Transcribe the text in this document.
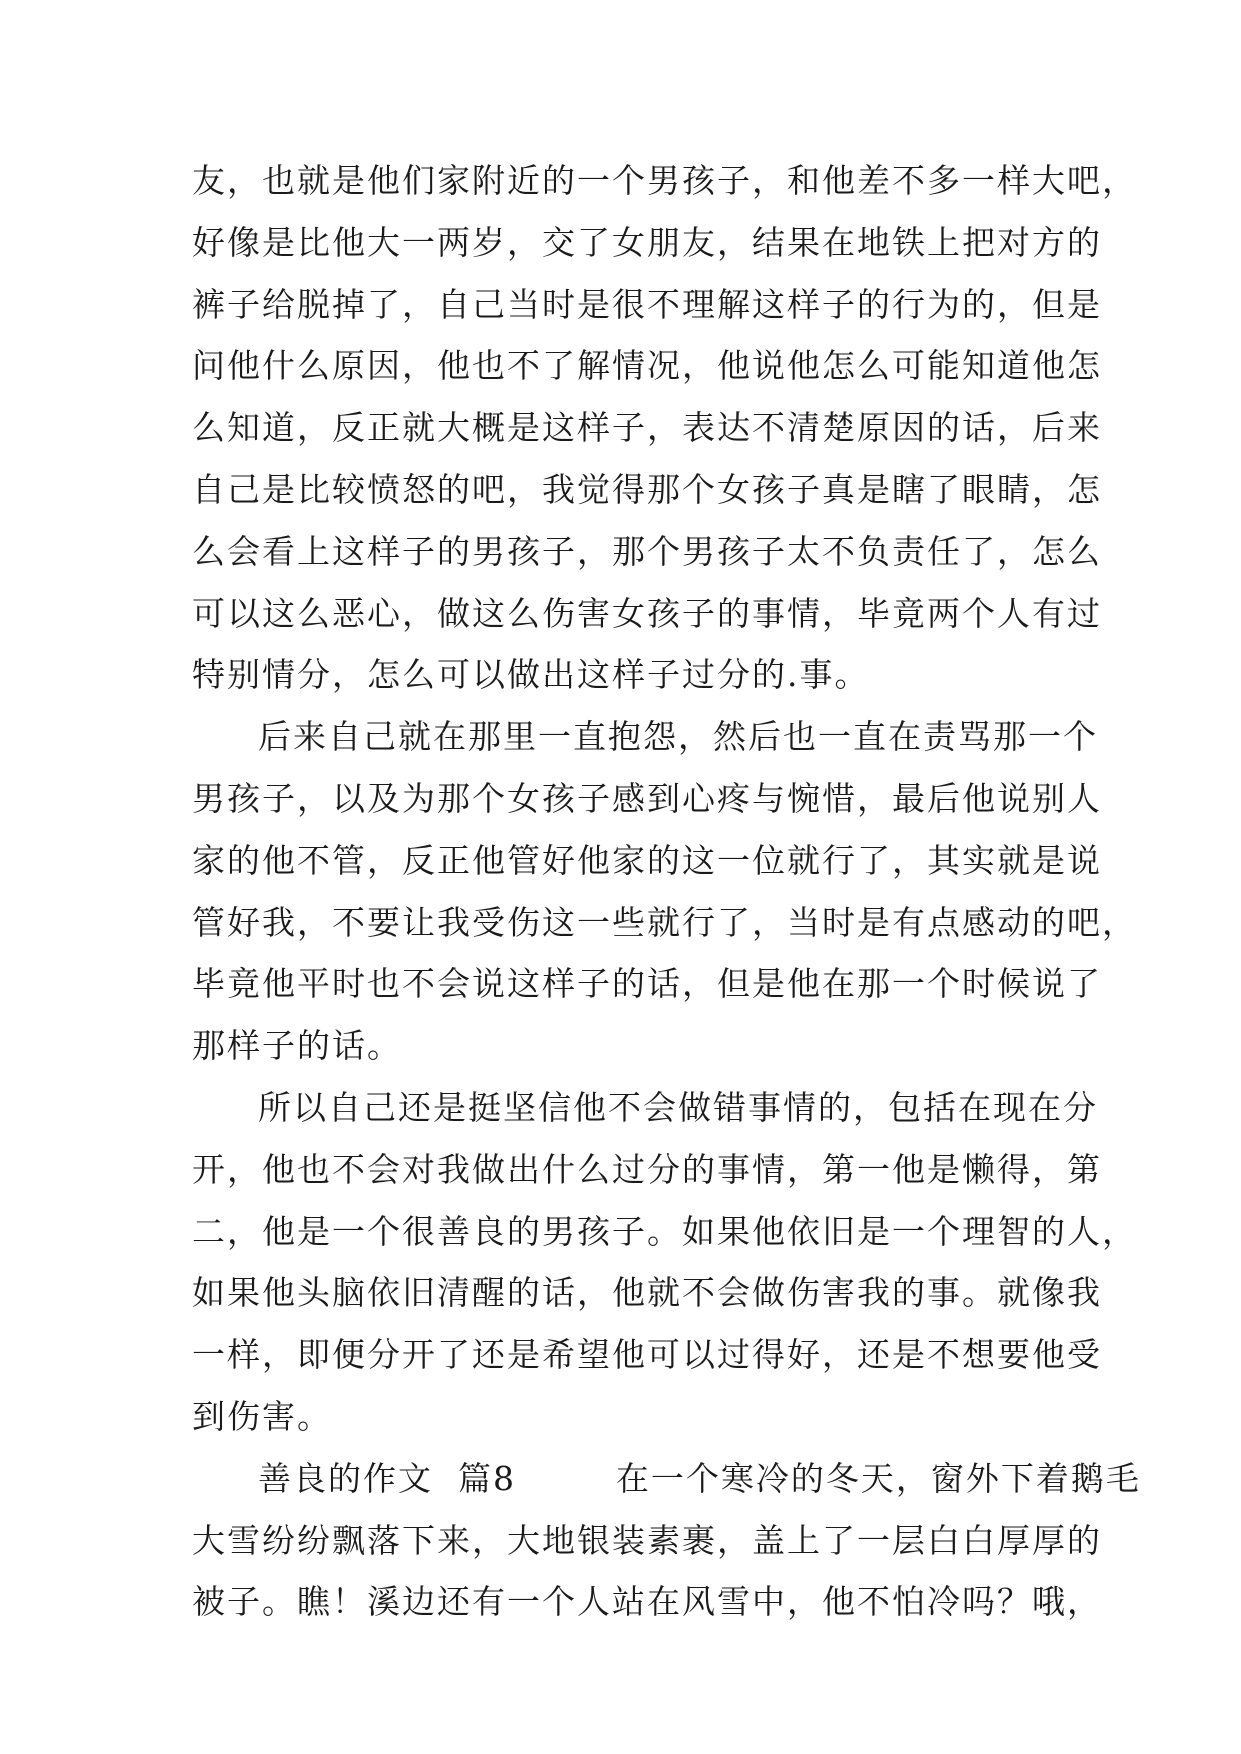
友，也就是他们家附近的一个男孩子，和他差不多一样大吧，
好像是比他大一两岁，交了女朋友，结果在地铁上把对方的
裤子给脱掉了，自己当时是很不理解这样子的行为的，但是
问他什么原因，他也不了解情况，他说他怎么可能知道他怎
么知道，反正就大概是这样子，表达不清楚原因的话，后来
自己是比较愤怒的吧，我觉得那个女孩子真是瞎了眼睛，怎
么会看上这样子的男孩子，那个男孩子太不负责任了，怎么
可以这么恶心，做这么伤害女孩子的事情，毕竟两个人有过
特别情分，怎么可以做出这样子过分的.事。
后来自己就在那里一直抱怨，然后也一直在责骂那一个
男孩子，以及为那个女孩子感到心疼与惋惜，最后他说别人
家的他不管，反正他管好他家的这一位就行了，其实就是说
管好我，不要让我受伤这一些就行了，当时是有点感动的吧，
毕竟他平时也不会说这样子的话，但是他在那一个时候说了
那样子的话。
所以自己还是挺坚信他不会做错事情的，包括在现在分
开，他也不会对我做出什么过分的事情，第一他是懒得，第
二，他是一个很善良的男孩子。如果他依旧是一个理智的人，
如果他头脑依旧清醒的话，他就不会做伤害我的事。就像我
一样，即便分开了还是希望他可以过得好，还是不想要他受
到伤害。
善良的作文  篇8        在一个寒冷的冬天，窗外下着鹅毛
大雪纷纷飘落下来，大地银装素裹，盖上了一层白白厚厚的
被子。瞧！溪边还有一个人站在风雪中，他不怕冷吗？哦，
